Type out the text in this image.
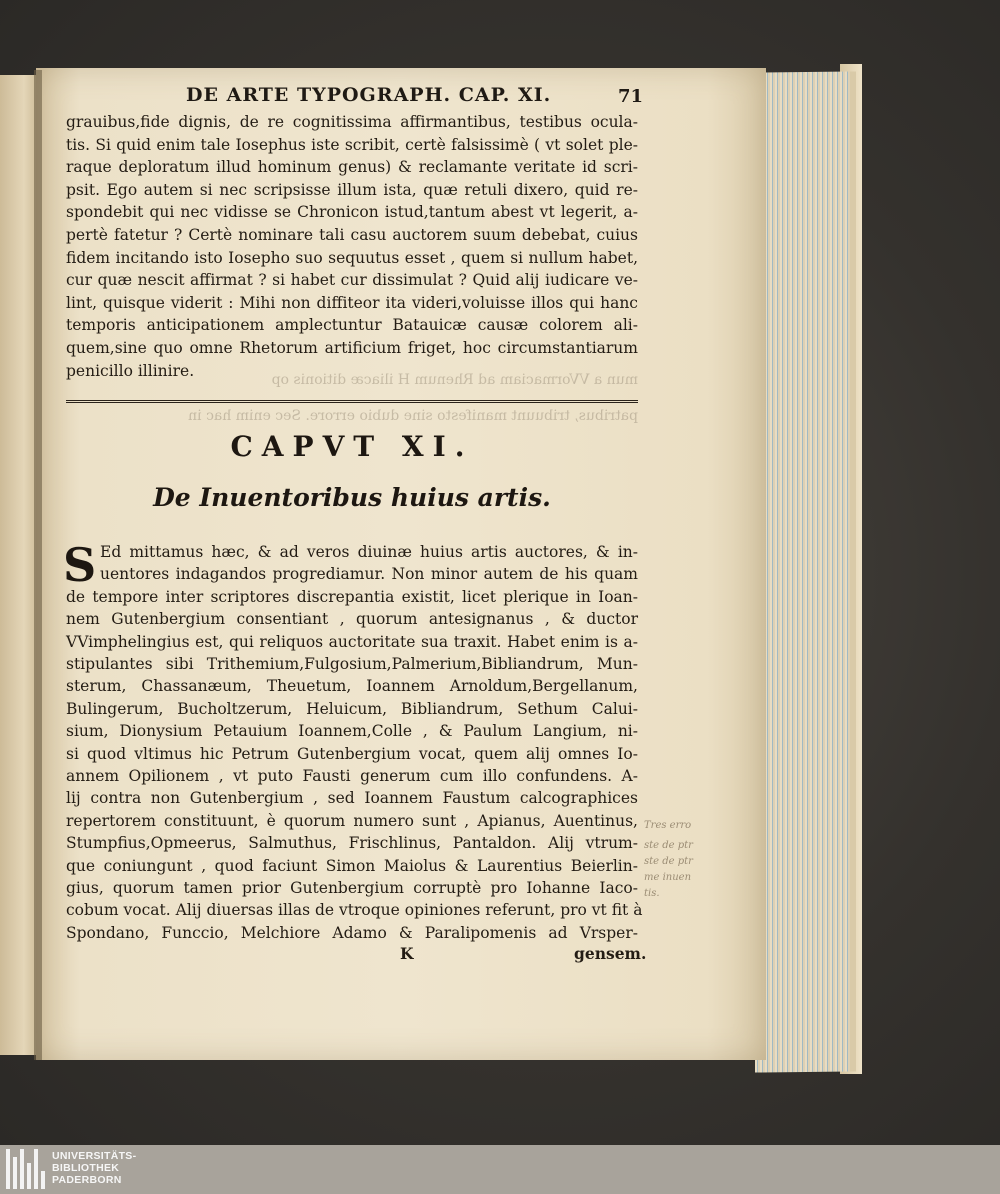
DE ARTE TYPOGRAPH. CAP. XI.	71
grauibus,fide dignis, de re cognitissima affirmantibus, testibus ocula-
tis. Si quid enim tale Iosephus iste scribit, certè falsissimè ( vt solet ple-
raque deploratum illud hominum genus) & reclamante veritate id scri-
psit. Ego autem si nec scripsisse illum ista, quæ retuli dixero, quid re-
spondebit qui nec vidisse se Chronicon istud,tantum abest vt legerit, a-
pertè fatetur ? Certè nominare tali casu auctorem suum debebat, cuius
fidem incitando isto Iosepho suo sequutus esset , quem si nullum habet,
cur quæ nescit affirmat ? si habet cur dissimulat ? Quid alij iudicare ve-
lint, quisque viderit : Mihi non diffiteor ita videri,voluisse illos qui hanc
temporis anticipationem amplectuntur Batauicæ causæ colorem ali-
quem,sine quo omne Rhetorum artificium friget, hoc circumstantiarum
penicillo illinire.
mun a VVormaciam ad Rhenum H iliacæ ditionis op
patribus, tribuunt manifesto sine dubio errore. Sec enim hac in
CAPVT XI.
De Inuentoribus huius artis.
S Ed mittamus hæc, & ad veros diuinæ huius artis auctores, & in-
uentores indagandos progrediamur. Non minor autem de his quam
de tempore inter scriptores discrepantia existit, licet plerique in Ioan-
nem Gutenbergium consentiant , quorum antesignanus , & ductor
VVimphelingius est, qui reliquos auctoritate sua traxit. Habet enim is a-
stipulantes sibi Trithemium,Fulgosium,Palmerium,Bibliandrum, Mun-
sterum, Chassanæum, Theuetum, Ioannem Arnoldum,Bergellanum,
Bulingerum, Bucholtzerum, Heluicum, Bibliandrum, Sethum Calui-
sium, Dionysium Petauium Ioannem,Colle , & Paulum Langium, ni-
si quod vltimus hic Petrum Gutenbergium vocat, quem alij omnes Io-
annem Opilionem , vt puto Fausti generum cum illo confundens. A-
lij contra non Gutenbergium , sed Ioannem Faustum calcographices
repertorem constituunt, è quorum numero sunt , Apianus, Auentinus,
Stumpfius,Opmeerus, Salmuthus, Frischlinus, Pantaldon. Alij vtrum-
que coniungunt , quod faciunt Simon Maiolus & Laurentius Beierlin-
gius, quorum tamen prior Gutenbergium corruptè pro Iohanne Iaco-
cobum vocat. Alij diuersas illas de vtroque opiniones referunt, pro vt fit à
Spondano, Funccio, Melchiore Adamo & Paralipomenis ad Vrsper-
K	gensem.
Tres erro
ste de ptr
ste de ptr
me inuen
tis.
UNIVERSITÄTS-
BIBLIOTHEK
PADERBORN
